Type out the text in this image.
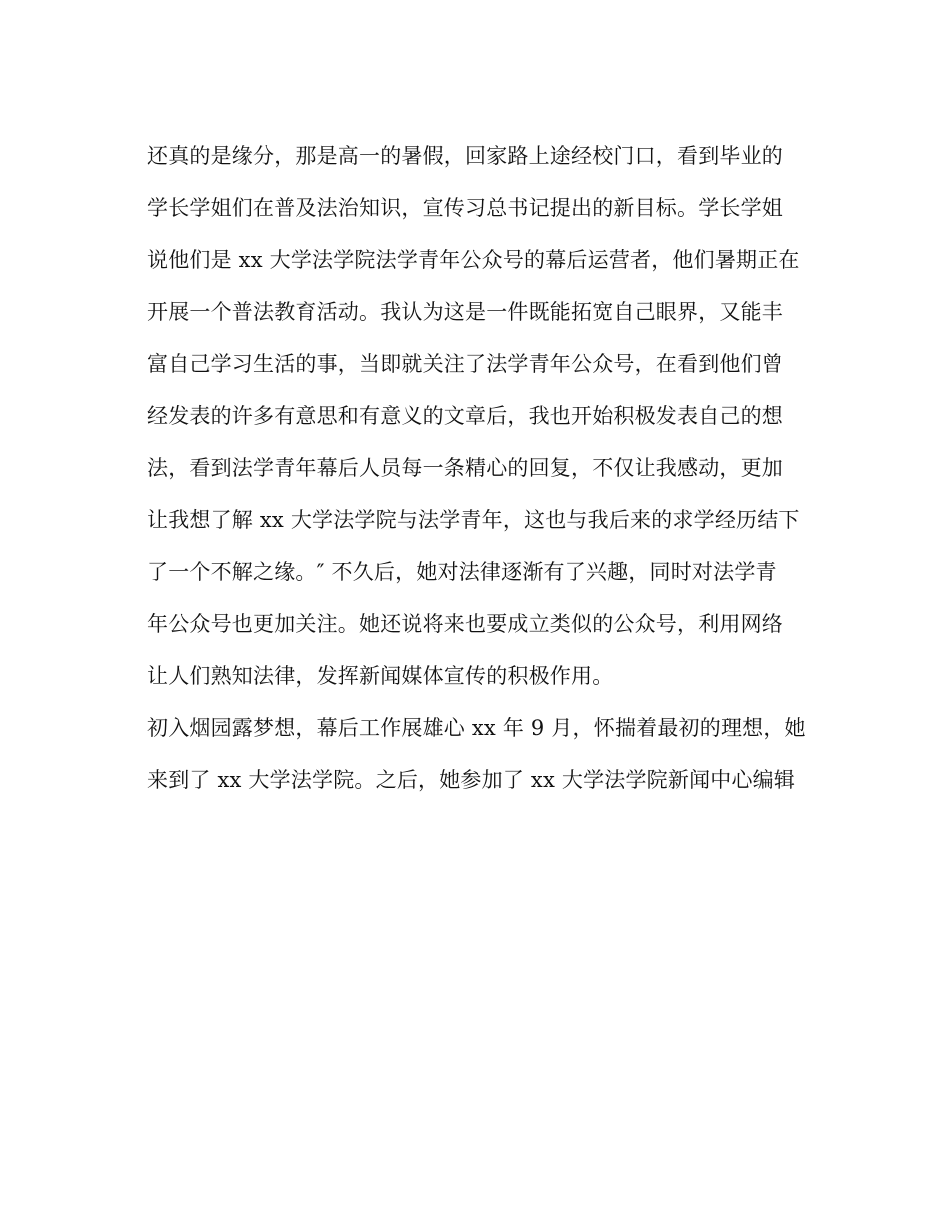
还真的是缘分，那是高一的暑假，回家路上途经校门口，看到毕业的
学长学姐们在普及法治知识，宣传习总书记提出的新目标。学长学姐
说他们是 xx 大学法学院法学青年公众号的幕后运营者，他们暑期正在
开展一个普法教育活动。我认为这是一件既能拓宽自己眼界，又能丰
富自己学习生活的事，当即就关注了法学青年公众号，在看到他们曾
经发表的许多有意思和有意义的文章后，我也开始积极发表自己的想
法，看到法学青年幕后人员每一条精心的回复，不仅让我感动，更加
让我想了解 xx 大学法学院与法学青年，这也与我后来的求学经历结下
了一个不解之缘。″ 不久后，她对法律逐渐有了兴趣，同时对法学青
年公众号也更加关注。她还说将来也要成立类似的公众号，利用网络
让人们熟知法律，发挥新闻媒体宣传的积极作用。
初入烟园露梦想，幕后工作展雄心 xx 年 9 月，怀揣着最初的理想，她
来到了 xx 大学法学院。之后，她参加了 xx 大学法学院新闻中心编辑
